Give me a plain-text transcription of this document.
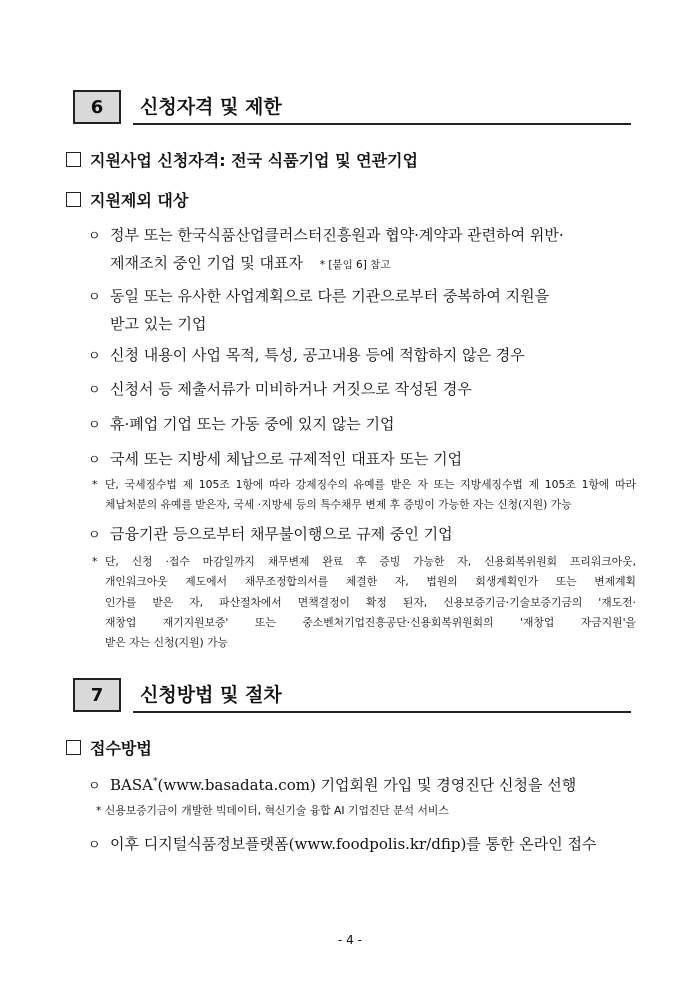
6	신청자격 및 제한
지원사업 신청자격: 전국 식품기업 및 연관기업
지원제외 대상
ㅇ 정부 또는 한국식품산업클러스터진흥원과 협약·계약과 관련하여 위반·
제재조치 중인 기업 및 대표자 * [붙임 6] 참고
ㅇ 동일 또는 유사한 사업계획으로 다른 기관으로부터 중복하여 지원을
받고 있는 기업
ㅇ 신청 내용이 사업 목적, 특성, 공고내용 등에 적합하지 않은 경우
ㅇ 신청서 등 제출서류가 미비하거나 거짓으로 작성된 경우
ㅇ 휴·폐업 기업 또는 가동 중에 있지 않는 기업
ㅇ 국세 또는 지방세 체납으로 규제적인 대표자 또는 기업
* 단, 국세징수법 제 105조 1항에 따라 강제징수의 유예를 받은 자 또는 지방세징수법 제 105조 1항에 따라
체납처분의 유예를 받은자, 국세 ·지방세 등의 특수채무 변제 후 증빙이 가능한 자는 신청(지원) 가능
ㅇ 금융기관 등으로부터 채무불이행으로 규제 중인 기업
* 단, 신청 ·접수 마감일까지 채무변제 완료 후 증빙 가능한 자, 신용회복위원회 프리워크아웃,
개인워크아웃 제도에서 채무조정합의서를 체결한 자, 법원의 회생계획인가 또는 변제계획
인가를 받은 자, 파산절차에서 면책결정이 확정 된자, 신용보증기금·기술보증기금의 '재도전·
재창업 재기지원보증' 또는 중소벤처기업진흥공단·신용회복위원회의 '재창업 자금지원'을
받은 자는 신청(지원) 가능
7	신청방법 및 절차
접수방법
ㅇ BASA*(www.basadata.com) 기업회원 가입 및 경영진단 신청을 선행
* 신용보증기금이 개발한 빅데이터, 혁신기술 융합 AI 기업진단 분석 서비스
ㅇ 이후 디지털식품정보플랫폼(www.foodpolis.kr/dfip)를 통한 온라인 접수
- 4 -
